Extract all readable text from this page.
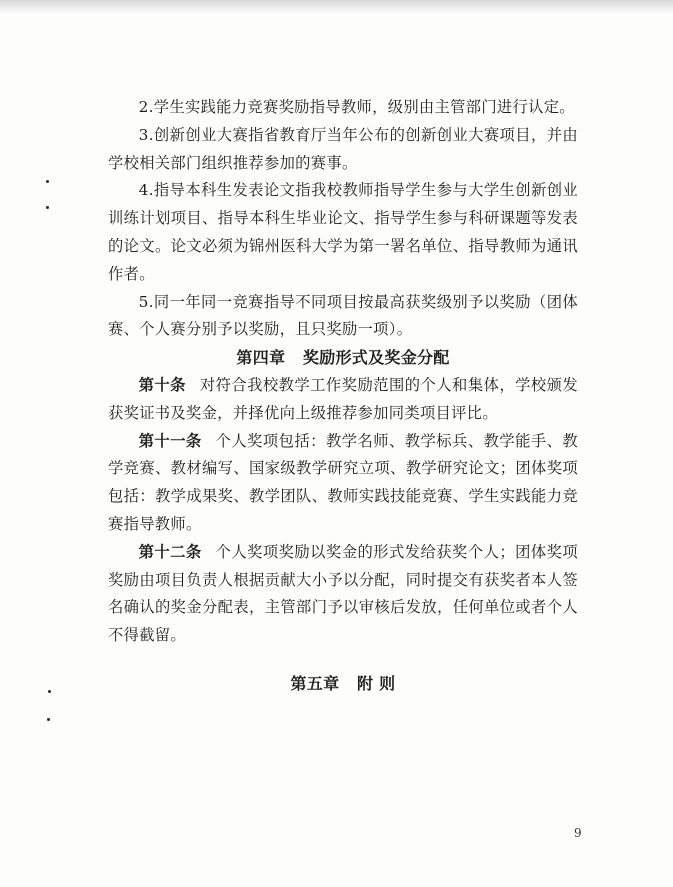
2.学生实践能力竞赛奖励指导教师，级别由主管部门进行认定。

3.创新创业大赛指省教育厅当年公布的创新创业大赛项目，并由学校相关部门组织推荐参加的赛事。

4.指导本科生发表论文指我校教师指导学生参与大学生创新创业训练计划项目、指导本科生毕业论文、指导学生参与科研课题等发表的论文。论文必须为锦州医科大学为第一署名单位、指导教师为通讯作者。

5.同一年同一竞赛指导不同项目按最高获奖级别予以奖励（团体赛、个人赛分别予以奖励，且只奖励一项）。

第四章 奖励形式及奖金分配

第十条 对符合我校教学工作奖励范围的个人和集体，学校颁发获奖证书及奖金，并择优向上级推荐参加同类项目评比。

第十一条 个人奖项包括：教学名师、教学标兵、教学能手、教学竞赛、教材编写、国家级教学研究立项、教学研究论文；团体奖项包括：教学成果奖、教学团队、教师实践技能竞赛、学生实践能力竞赛指导教师。

第十二条 个人奖项奖励以奖金的形式发给获奖个人；团体奖项奖励由项目负责人根据贡献大小予以分配，同时提交有获奖者本人签名确认的奖金分配表，主管部门予以审核后发放，任何单位或者个人不得截留。

第五章 附 则

9
